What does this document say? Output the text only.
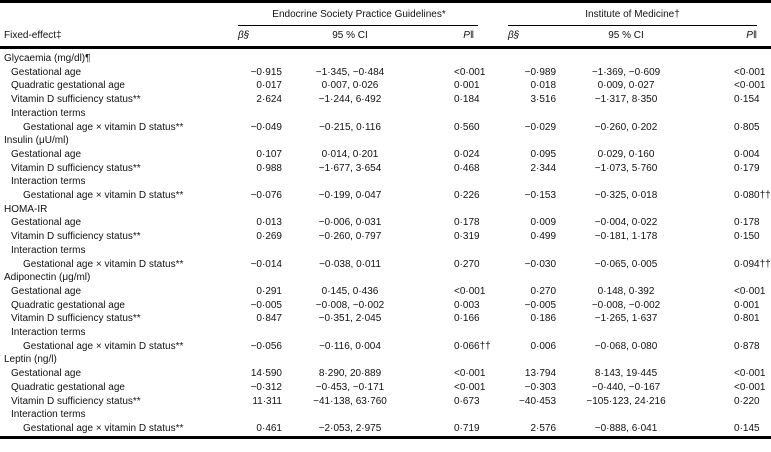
	Endocrine Society Practice Guidelines*				Institute of Medicine†			
Fixed-effect‡	β§	95 % CI	P‖		β§	95 % CI	P‖	
Glycaemia (mg/dl)¶								
Gestational age	−0·915	−1·345, −0·484	<0·001		−0·989	−1·369, −0·609	<0·001	
Quadratic gestational age	0·017	0·007, 0·026	0·001		0·018	0·009, 0·027	<0·001	
Vitamin D sufficiency status**	2·624	−1·244, 6·492	0·184		3·516	−1·317, 8·350	0·154	
Interaction terms								
Gestational age × vitamin D status**	−0·049	−0·215, 0·116	0·560		−0·029	−0·260, 0·202	0·805	
Insulin (μU/ml)								
Gestational age	0·107	0·014, 0·201	0·024		0·095	0·029, 0·160	0·004	
Vitamin D sufficiency status**	0·988	−1·677, 3·654	0·468		2·344	−1·073, 5·760	0·179	
Interaction terms								
Gestational age × vitamin D status**	−0·076	−0·199, 0·047	0·226		−0·153	−0·325, 0·018	0·080††	
HOMA-IR								
Gestational age	0·013	−0·006, 0·031	0·178		0·009	−0·004, 0·022	0·178	
Vitamin D sufficiency status**	0·269	−0·260, 0·797	0·319		0·499	−0·181, 1·178	0·150	
Interaction terms								
Gestational age × vitamin D status**	−0·014	−0·038, 0·011	0·270		−0·030	−0·065, 0·005	0·094††	
Adiponectin (μg/ml)								
Gestational age	0·291	0·145, 0·436	<0·001		0·270	0·148, 0·392	<0·001	
Quadratic gestational age	−0·005	−0·008, −0·002	0·003		−0·005	−0·008, −0·002	0·001	
Vitamin D sufficiency status**	0·847	−0·351, 2·045	0·166		0·186	−1·265, 1·637	0·801	
Interaction terms								
Gestational age × vitamin D status**	−0·056	−0·116, 0·004	0·066††		0·006	−0·068, 0·080	0·878	
Leptin (ng/l)								
Gestational age	14·590	8·290, 20·889	<0·001		13·794	8·143, 19·445	<0·001	
Quadratic gestational age	−0·312	−0·453, −0·171	<0·001		−0·303	−0·440, −0·167	<0·001	
Vitamin D sufficiency status**	11·311	−41·138, 63·760	0·673		−40·453	−105·123, 24·216	0·220	
Interaction terms								
Gestational age × vitamin D status**	0·461	−2·053, 2·975	0·719		2·576	−0·888, 6·041	0·145	
